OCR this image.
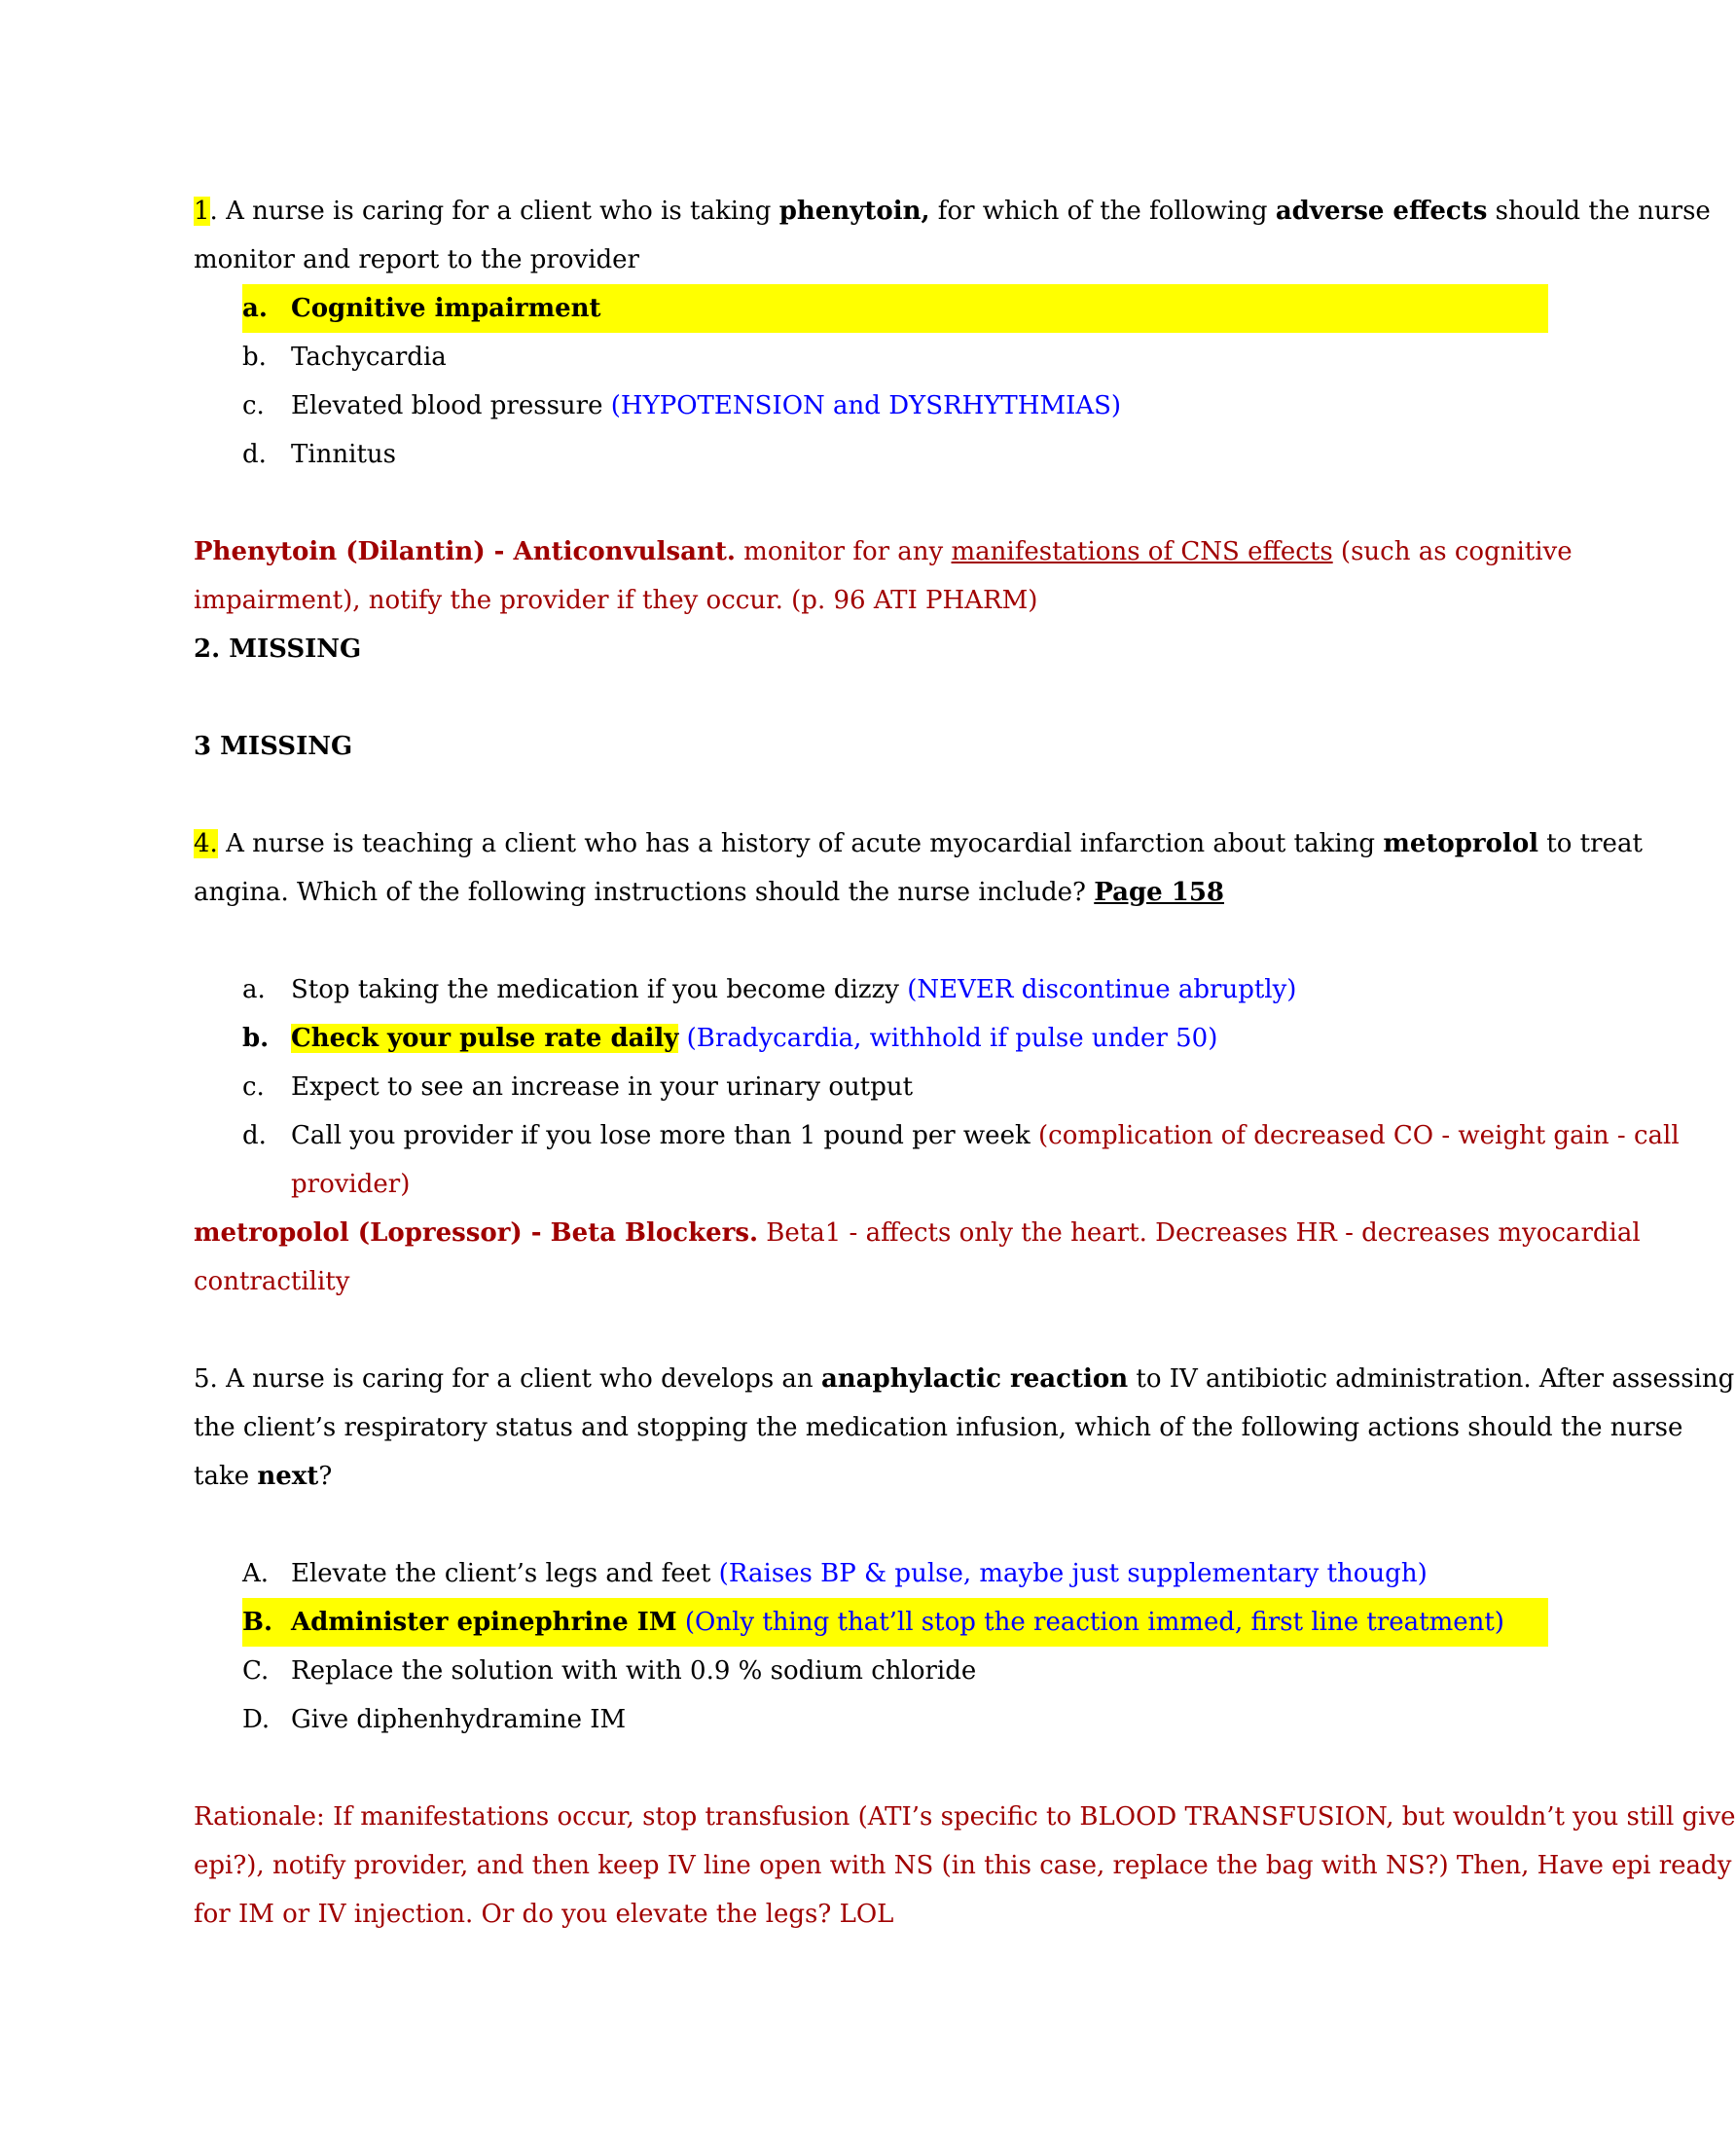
1. A nurse is caring for a client who is taking phenytoin, for which of the following adverse effects should the nurse
monitor and report to the provider
a. Cognitive impairment
b. Tachycardia
c. Elevated blood pressure (HYPOTENSION and DYSRHYTHMIAS)
d. Tinnitus
Phenytoin (Dilantin) - Anticonvulsant. monitor for any manifestations of CNS effects (such as cognitive
impairment), notify the provider if they occur. (p. 96 ATI PHARM)
2. MISSING
3 MISSING
4. A nurse is teaching a client who has a history of acute myocardial infarction about taking metoprolol to treat
angina. Which of the following instructions should the nurse include? Page 158
a. Stop taking the medication if you become dizzy (NEVER discontinue abruptly)
b. Check your pulse rate daily (Bradycardia, withhold if pulse under 50)
c. Expect to see an increase in your urinary output
d. Call you provider if you lose more than 1 pound per week (complication of decreased CO - weight gain - call
provider)
metropolol (Lopressor) - Beta Blockers. Beta1 - affects only the heart. Decreases HR - decreases myocardial
contractility
5. A nurse is caring for a client who develops an anaphylactic reaction to IV antibiotic administration. After assessing
the client’s respiratory status and stopping the medication infusion, which of the following actions should the nurse
take next?
A. Elevate the client’s legs and feet (Raises BP & pulse, maybe just supplementary though)
B. Administer epinephrine IM (Only thing that’ll stop the reaction immed, first line treatment)
C. Replace the solution with with 0.9 % sodium chloride
D. Give diphenhydramine IM
Rationale: If manifestations occur, stop transfusion (ATI’s specific to BLOOD TRANSFUSION, but wouldn’t you still give
epi?), notify provider, and then keep IV line open with NS (in this case, replace the bag with NS?) Then, Have epi ready
for IM or IV injection. Or do you elevate the legs? LOL
